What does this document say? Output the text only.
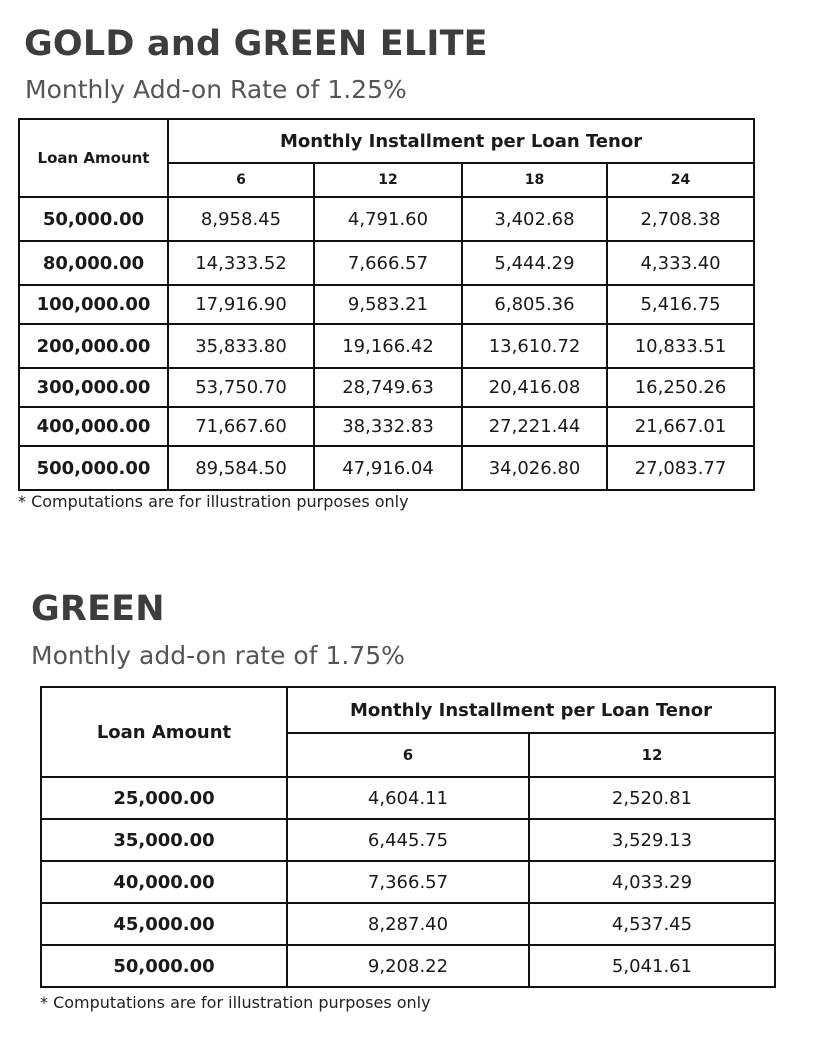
GOLD and GREEN ELITE

Monthly Add-on Rate of 1.25%

Loan Amount	Monthly Installment per Loan Tenor			
	6	12	18	24
50,000.00	8,958.45	4,791.60	3,402.68	2,708.38
80,000.00	14,333.52	7,666.57	5,444.29	4,333.40
100,000.00	17,916.90	9,583.21	6,805.36	5,416.75
200,000.00	35,833.80	19,166.42	13,610.72	10,833.51
300,000.00	53,750.70	28,749.63	20,416.08	16,250.26
400,000.00	71,667.60	38,332.83	27,221.44	21,667.01
500,000.00	89,584.50	47,916.04	34,026.80	27,083.77

* Computations are for illustration purposes only

GREEN

Monthly add-on rate of 1.75%

Loan Amount	Monthly Installment per Loan Tenor	
	6	12
25,000.00	4,604.11	2,520.81
35,000.00	6,445.75	3,529.13
40,000.00	7,366.57	4,033.29
45,000.00	8,287.40	4,537.45
50,000.00	9,208.22	5,041.61

* Computations are for illustration purposes only
